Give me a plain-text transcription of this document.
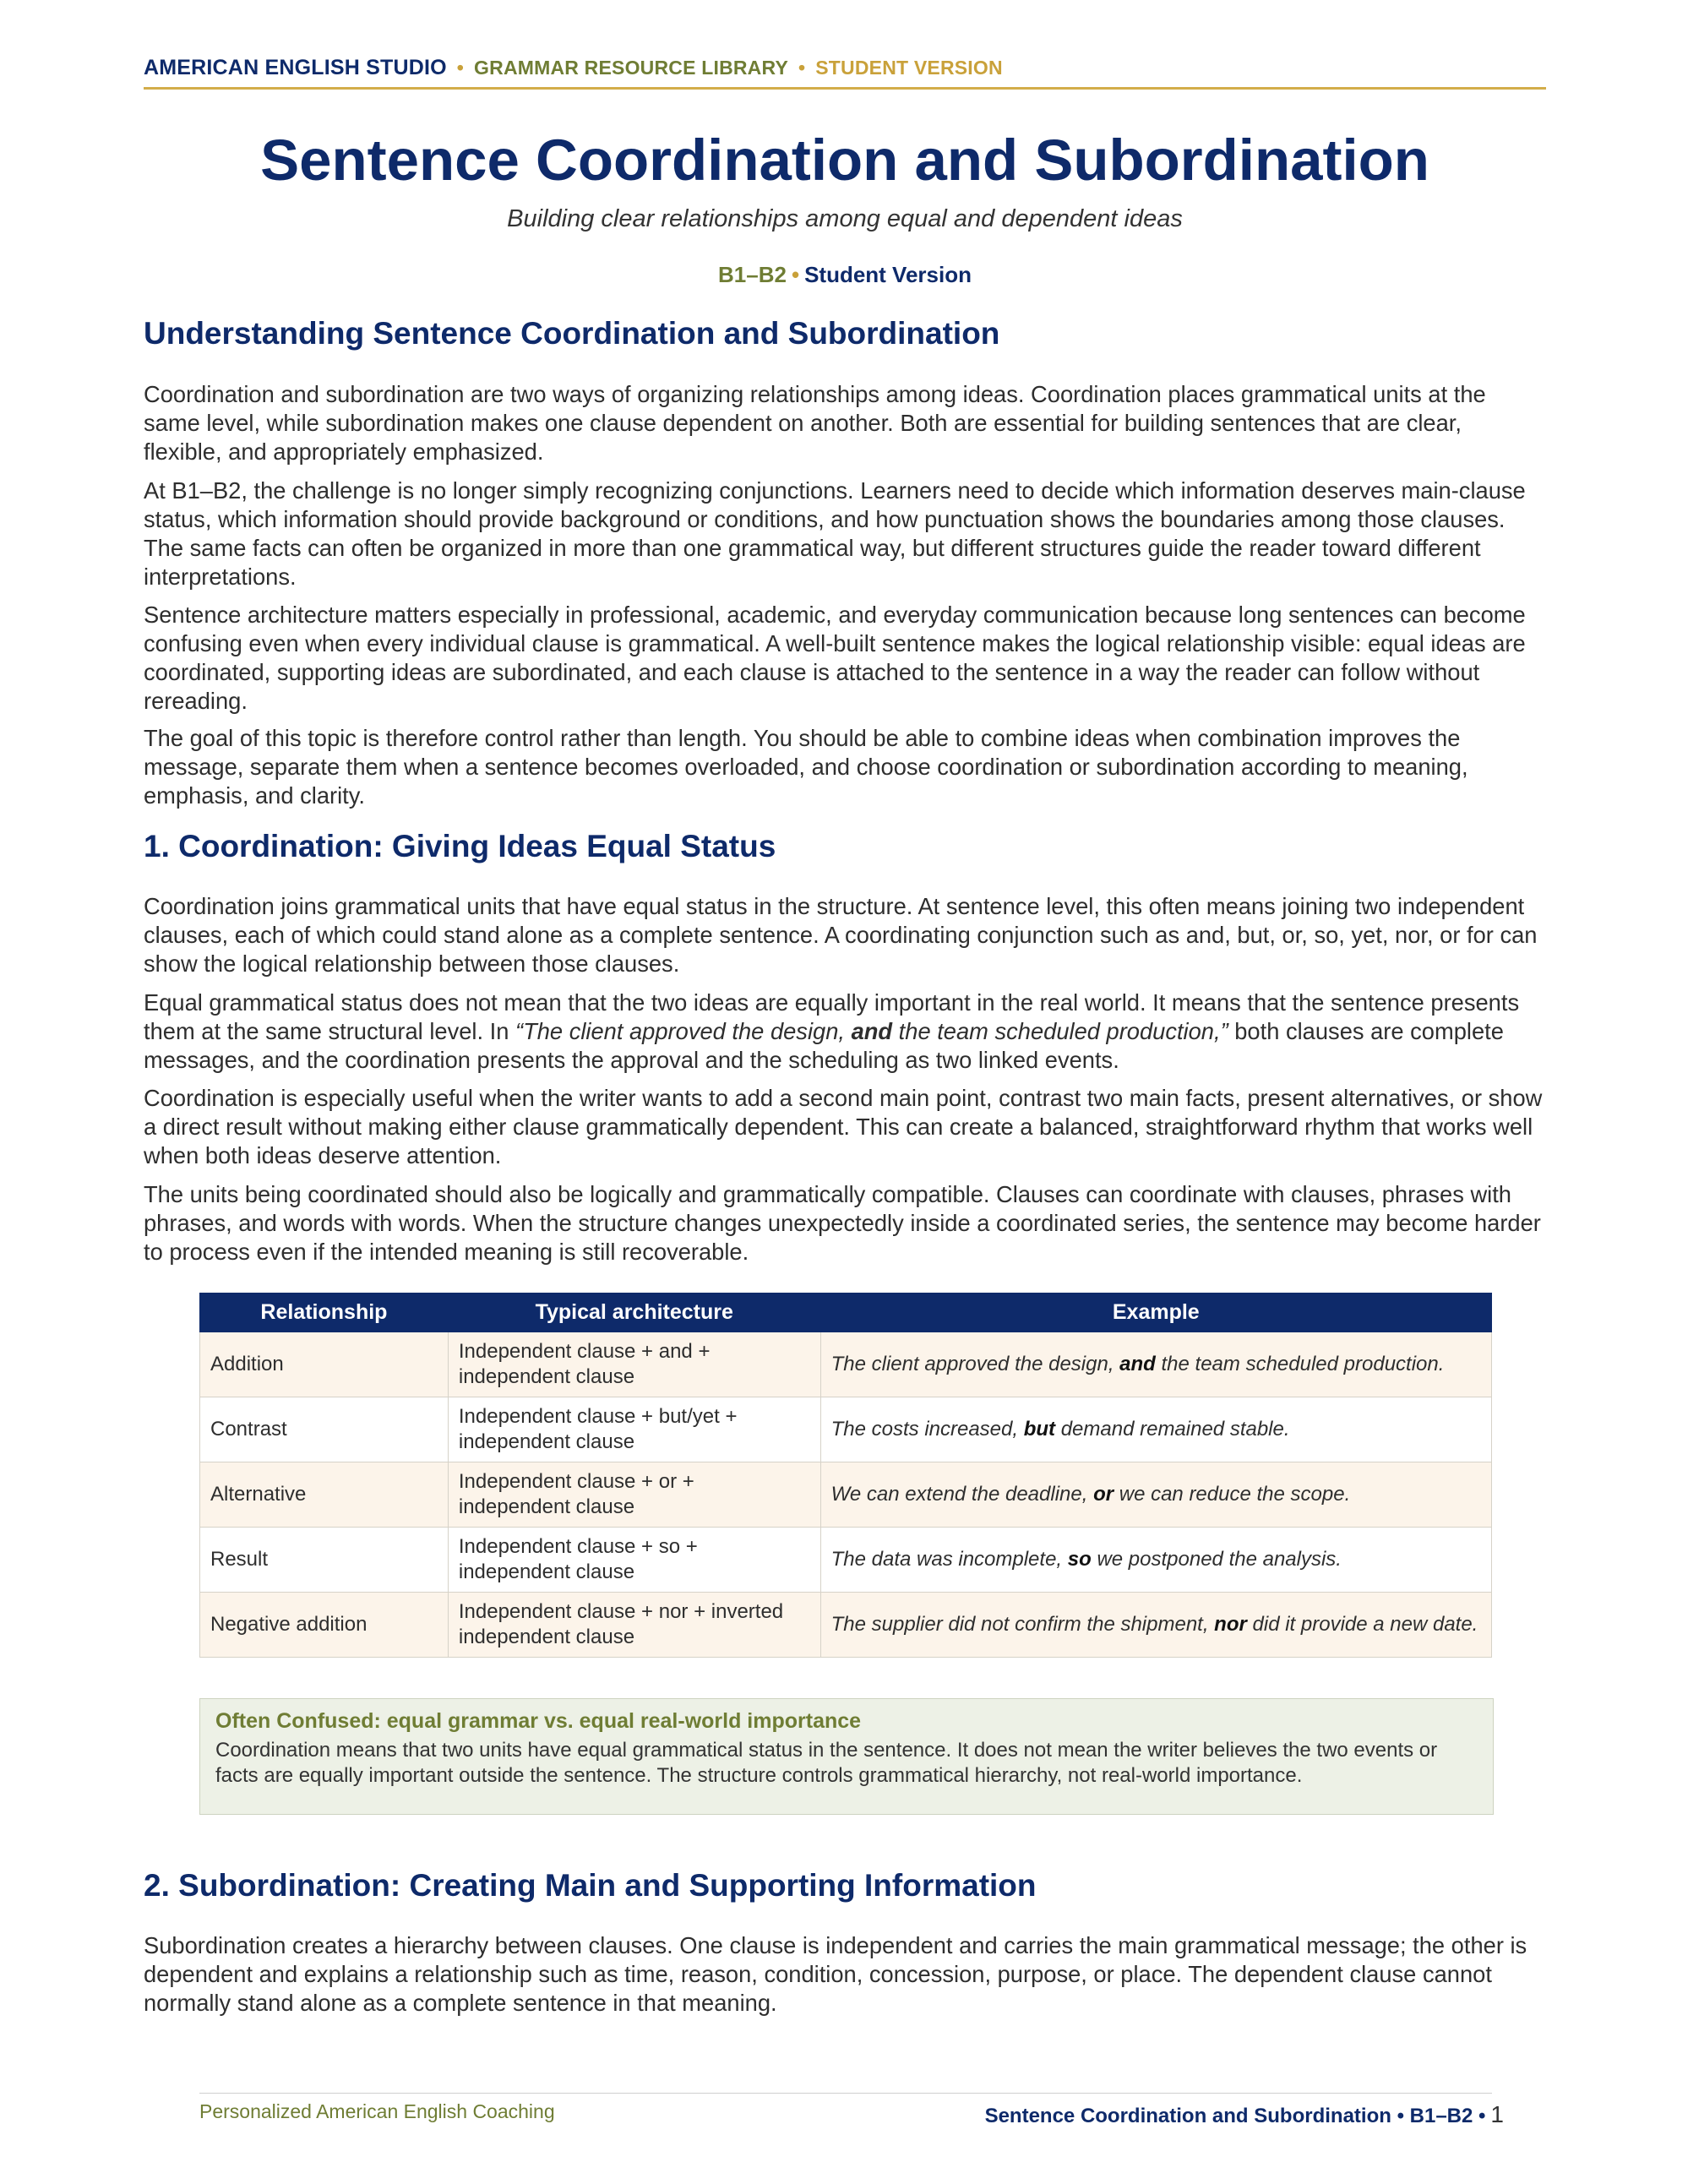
AMERICAN ENGLISH STUDIO • GRAMMAR RESOURCE LIBRARY • STUDENT VERSION
Sentence Coordination and Subordination
Building clear relationships among equal and dependent ideas
B1–B2 • Student Version
Understanding Sentence Coordination and Subordination

Coordination and subordination are two ways of organizing relationships among ideas. Coordination places grammatical units at the same level, while subordination makes one clause dependent on another. Both are essential for building sentences that are clear, flexible, and appropriately emphasized.

At B1–B2, the challenge is no longer simply recognizing conjunctions. Learners need to decide which information deserves main-clause status, which information should provide background or conditions, and how punctuation shows the boundaries among those clauses. The same facts can often be organized in more than one grammatical way, but different structures guide the reader toward different interpretations.

Sentence architecture matters especially in professional, academic, and everyday communication because long sentences can become confusing even when every individual clause is grammatical. A well-built sentence makes the logical relationship visible: equal ideas are coordinated, supporting ideas are subordinated, and each clause is attached to the sentence in a way the reader can follow without rereading.

The goal of this topic is therefore control rather than length. You should be able to combine ideas when combination improves the message, separate them when a sentence becomes overloaded, and choose coordination or subordination according to meaning, emphasis, and clarity.

1. Coordination: Giving Ideas Equal Status

Coordination joins grammatical units that have equal status in the structure. At sentence level, this often means joining two independent clauses, each of which could stand alone as a complete sentence. A coordinating conjunction such as and, but, or, so, yet, nor, or for can show the logical relationship between those clauses.

Equal grammatical status does not mean that the two ideas are equally important in the real world. It means that the sentence presents them at the same structural level. In “The client approved the design, and the team scheduled production,” both clauses are complete messages, and the coordination presents the approval and the scheduling as two linked events.

Coordination is especially useful when the writer wants to add a second main point, contrast two main facts, present alternatives, or show a direct result without making either clause grammatically dependent. This can create a balanced, straightforward rhythm that works well when both ideas deserve attention.

The units being coordinated should also be logically and grammatically compatible. Clauses can coordinate with clauses, phrases with phrases, and words with words. When the structure changes unexpectedly inside a coordinated series, the sentence may become harder to process even if the intended meaning is still recoverable.

Relationship	Typical architecture	Example
Addition	Independent clause + and + independent clause	The client approved the design, and the team scheduled production.
Contrast	Independent clause + but/yet + independent clause	The costs increased, but demand remained stable.
Alternative	Independent clause + or + independent clause	We can extend the deadline, or we can reduce the scope.
Result	Independent clause + so + independent clause	The data was incomplete, so we postponed the analysis.
Negative addition	Independent clause + nor + inverted independent clause	The supplier did not confirm the shipment, nor did it provide a new date.
Often Confused: equal grammar vs. equal real-world importance
Coordination means that two units have equal grammatical status in the sentence. It does not mean the writer believes the two events or facts are equally important outside the sentence. The structure controls grammatical hierarchy, not real-world importance.
2. Subordination: Creating Main and Supporting Information

Subordination creates a hierarchy between clauses. One clause is independent and carries the main grammatical message; the other is dependent and explains a relationship such as time, reason, condition, concession, purpose, or place. The dependent clause cannot normally stand alone as a complete sentence in that meaning.

Personalized American English Coaching	Sentence Coordination and Subordination • B1–B2 • 1
